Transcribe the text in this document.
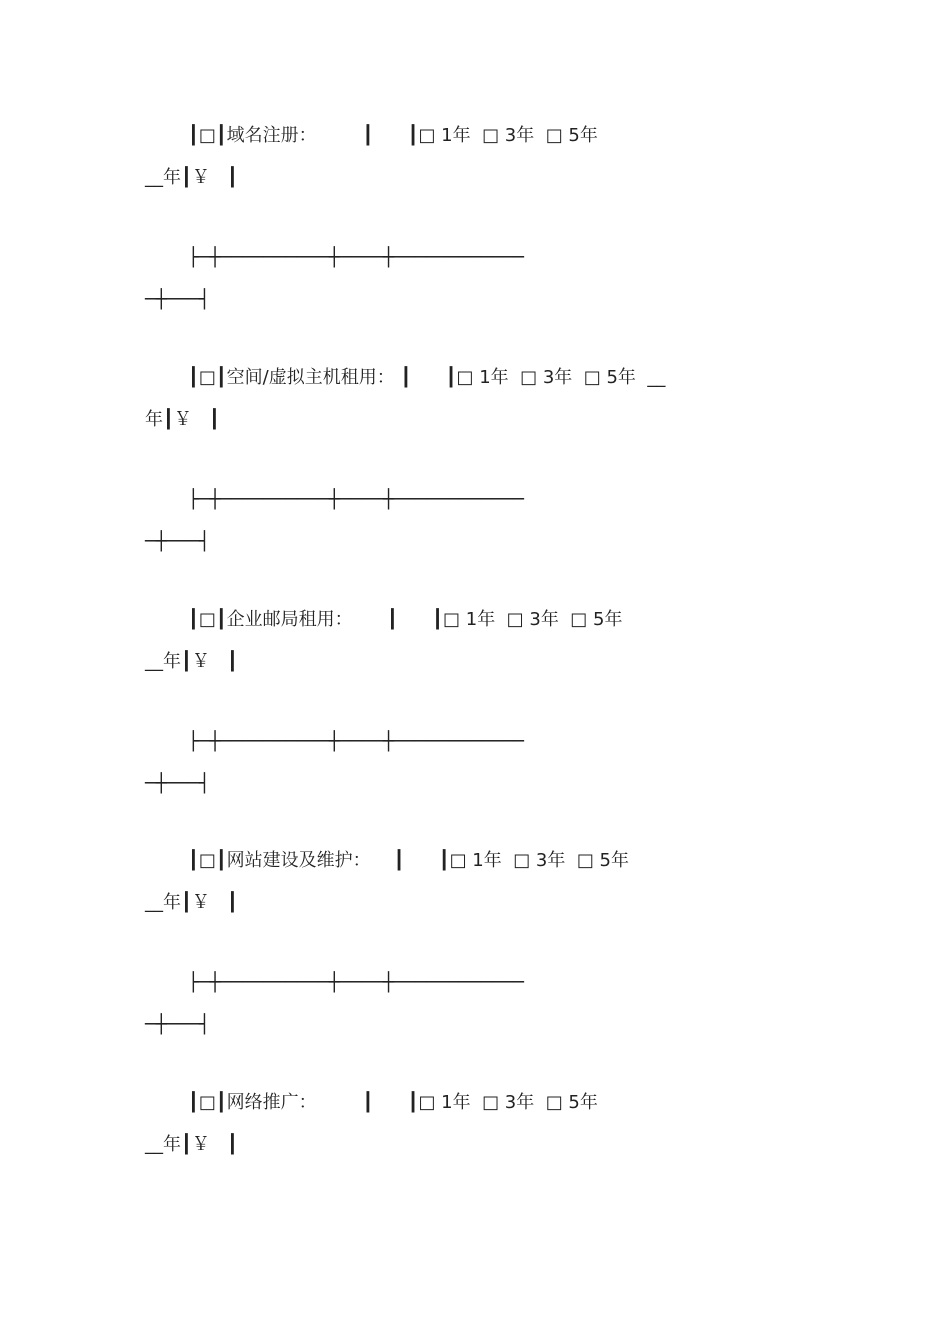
┃□┃域名注册：        ┃      ┃□ 1年  □ 3年  □ 5年

__年┃￥   ┃

├─┼──────────┼────┼────────────

─┼───┤

┃□┃空间/虚拟主机租用： ┃      ┃□ 1年  □ 3年  □ 5年  __

年┃￥   ┃

├─┼──────────┼────┼────────────

─┼───┤

┃□┃企业邮局租用：      ┃      ┃□ 1年  □ 3年  □ 5年

__年┃￥   ┃

├─┼──────────┼────┼────────────

─┼───┤

┃□┃网站建设及维护：    ┃      ┃□ 1年  □ 3年  □ 5年

__年┃￥   ┃

├─┼──────────┼────┼────────────

─┼───┤

┃□┃网络推广：        ┃      ┃□ 1年  □ 3年  □ 5年

__年┃￥   ┃
